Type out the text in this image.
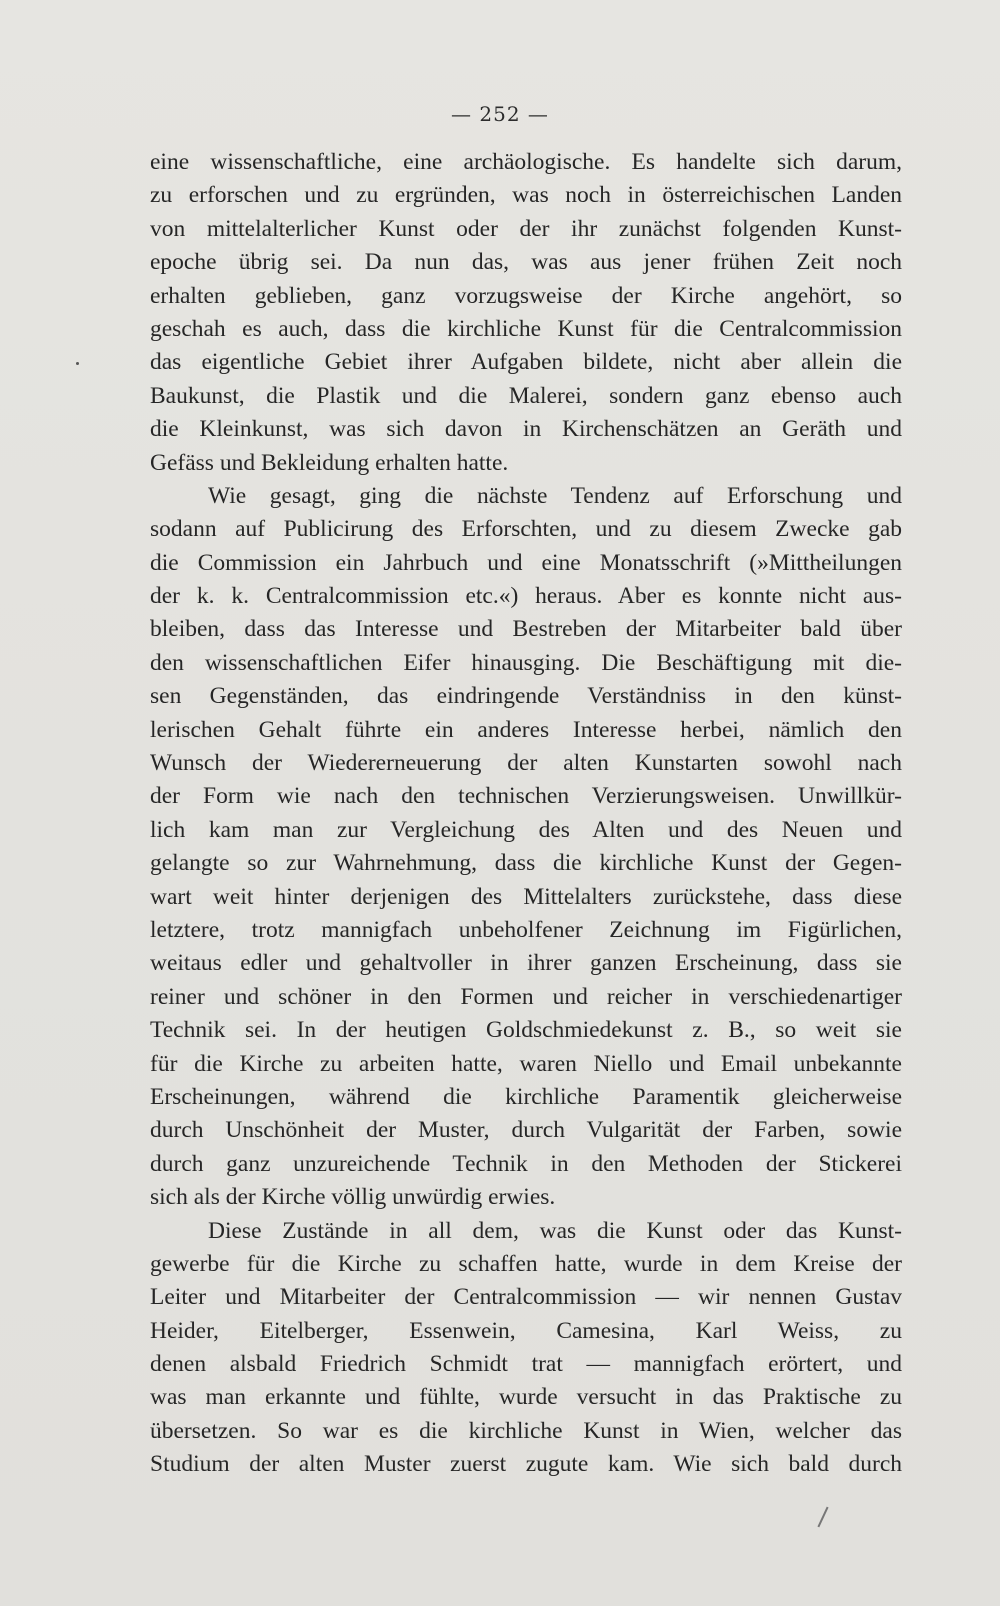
— 252 —
eine wissenschaftliche, eine archäologische. Es handelte sich darum,
zu erforschen und zu ergründen, was noch in österreichischen Landen
von mittelalterlicher Kunst oder der ihr zunächst folgenden Kunst-
epoche übrig sei. Da nun das, was aus jener frühen Zeit noch
erhalten geblieben, ganz vorzugsweise der Kirche angehört, so
geschah es auch, dass die kirchliche Kunst für die Centralcommission
das eigentliche Gebiet ihrer Aufgaben bildete, nicht aber allein die
Baukunst, die Plastik und die Malerei, sondern ganz ebenso auch
die Kleinkunst, was sich davon in Kirchenschätzen an Geräth und
Gefäss und Bekleidung erhalten hatte.
Wie gesagt, ging die nächste Tendenz auf Erforschung und
sodann auf Publicirung des Erforschten, und zu diesem Zwecke gab
die Commission ein Jahrbuch und eine Monatsschrift (»Mittheilungen
der k. k. Centralcommission etc.«) heraus. Aber es konnte nicht aus-
bleiben, dass das Interesse und Bestreben der Mitarbeiter bald über
den wissenschaftlichen Eifer hinausging. Die Beschäftigung mit die-
sen Gegenständen, das eindringende Verständniss in den künst-
lerischen Gehalt führte ein anderes Interesse herbei, nämlich den
Wunsch der Wiedererneuerung der alten Kunstarten sowohl nach
der Form wie nach den technischen Verzierungsweisen. Unwillkür-
lich kam man zur Vergleichung des Alten und des Neuen und
gelangte so zur Wahrnehmung, dass die kirchliche Kunst der Gegen-
wart weit hinter derjenigen des Mittelalters zurückstehe, dass diese
letztere, trotz mannigfach unbeholfener Zeichnung im Figürlichen,
weitaus edler und gehaltvoller in ihrer ganzen Erscheinung, dass sie
reiner und schöner in den Formen und reicher in verschiedenartiger
Technik sei. In der heutigen Goldschmiedekunst z. B., so weit sie
für die Kirche zu arbeiten hatte, waren Niello und Email unbekannte
Erscheinungen, während die kirchliche Paramentik gleicherweise
durch Unschönheit der Muster, durch Vulgarität der Farben, sowie
durch ganz unzureichende Technik in den Methoden der Stickerei
sich als der Kirche völlig unwürdig erwies.
Diese Zustände in all dem, was die Kunst oder das Kunst-
gewerbe für die Kirche zu schaffen hatte, wurde in dem Kreise der
Leiter und Mitarbeiter der Centralcommission — wir nennen Gustav
Heider, Eitelberger, Essenwein, Camesina, Karl Weiss, zu
denen alsbald Friedrich Schmidt trat — mannigfach erörtert, und
was man erkannte und fühlte, wurde versucht in das Praktische zu
übersetzen. So war es die kirchliche Kunst in Wien, welcher das
Studium der alten Muster zuerst zugute kam. Wie sich bald durch
